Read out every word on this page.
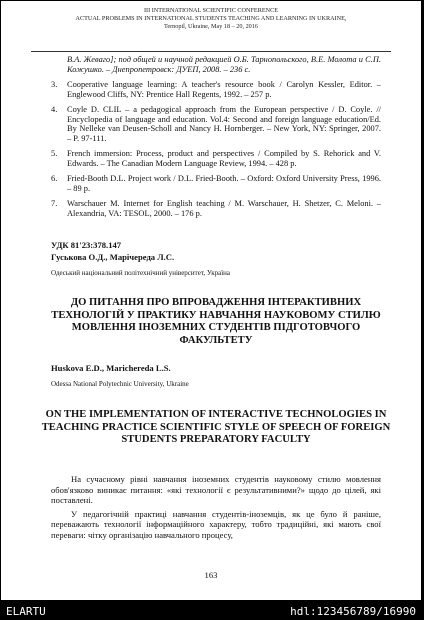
III INTERNATIONAL SCIENTIFIC CONFERENCE
ACTUAL PROBLEMS IN INTERNATIONAL STUDENTS TEACHING AND LEARNING IN UKRAINE,
Ternopil, Ukraine, May 18 – 20, 2016

В.А. Жеваго]; под общей и научной редакцией О.Б. Тарнопольского, В.Е. Молота и С.П. Кожушко. – Днепропетровск: ДУЕП, 2008. – 236 с.

3. Cooperative language learning: A teacher's resource book / Carolyn Kessler, Editor. – Englewood Cliffs, NY: Prentice Hall Regents, 1992. – 257 p.
4. Coyle D. CLIL – a pedagogical approach from the European perspective / D. Coyle. // Encyclopedia of language and education. Vol.4: Second and foreign language education/Ed. By Nelleke van Deusen-Scholl and Nancy H. Hornberger. – New York, NY: Springer, 2007. – P. 97-111.
5. French immersion: Process, product and perspectives / Compiled by S. Rehorick and V. Edwards. – The Canadian Modern Language Review, 1994. – 428 p.
6. Fried-Booth D.L. Project work / D.L. Fried-Booth. – Oxford: Oxford University Press, 1996. – 89 p.
7. Warschauer M. Internet for English teaching / M. Warschauer, H. Shetzer, C. Meloni. – Alexandria, VA: TESOL, 2000. – 176 p.
УДК 81'23:378.147
Гуськова О.Д., Марічереда Л.С.
Одеський національний політехнічний університет, Україна
ДО ПИТАННЯ ПРО ВПРОВАДЖЕННЯ ІНТЕРАКТИВНИХ ТЕХНОЛОГІЙ У ПРАКТИКУ НАВЧАННЯ НАУКОВОМУ СТИЛЮ МОВЛЕННЯ ІНОЗЕМНИХ СТУДЕНТІВ ПІДГОТОВЧОГО ФАКУЛЬТЕТУ
Huskova E.D., Marichereda L.S.
Odessa National Polytechnic University, Ukraine
ON THE IMPLEMENTATION OF INTERACTIVE TECHNOLOGIES IN TEACHING PRACTICE SCIENTIFIC STYLE OF SPEECH OF FOREIGN STUDENTS PREPARATORY FACULTY

На сучасному рівні навчання іноземних студентів науковому стилю мовлення обов'язково виникає питання: «які технології є результативними?» щодо до цілей, які поставлені.

У педагогічній практиці навчання студентів-іноземців, як це було й раніше, переважають технології інформаційного характеру, тобто традиційні, які мають свої переваги: чітку організацію навчального процесу,

163
ELARTU	hdl:123456789/16990
